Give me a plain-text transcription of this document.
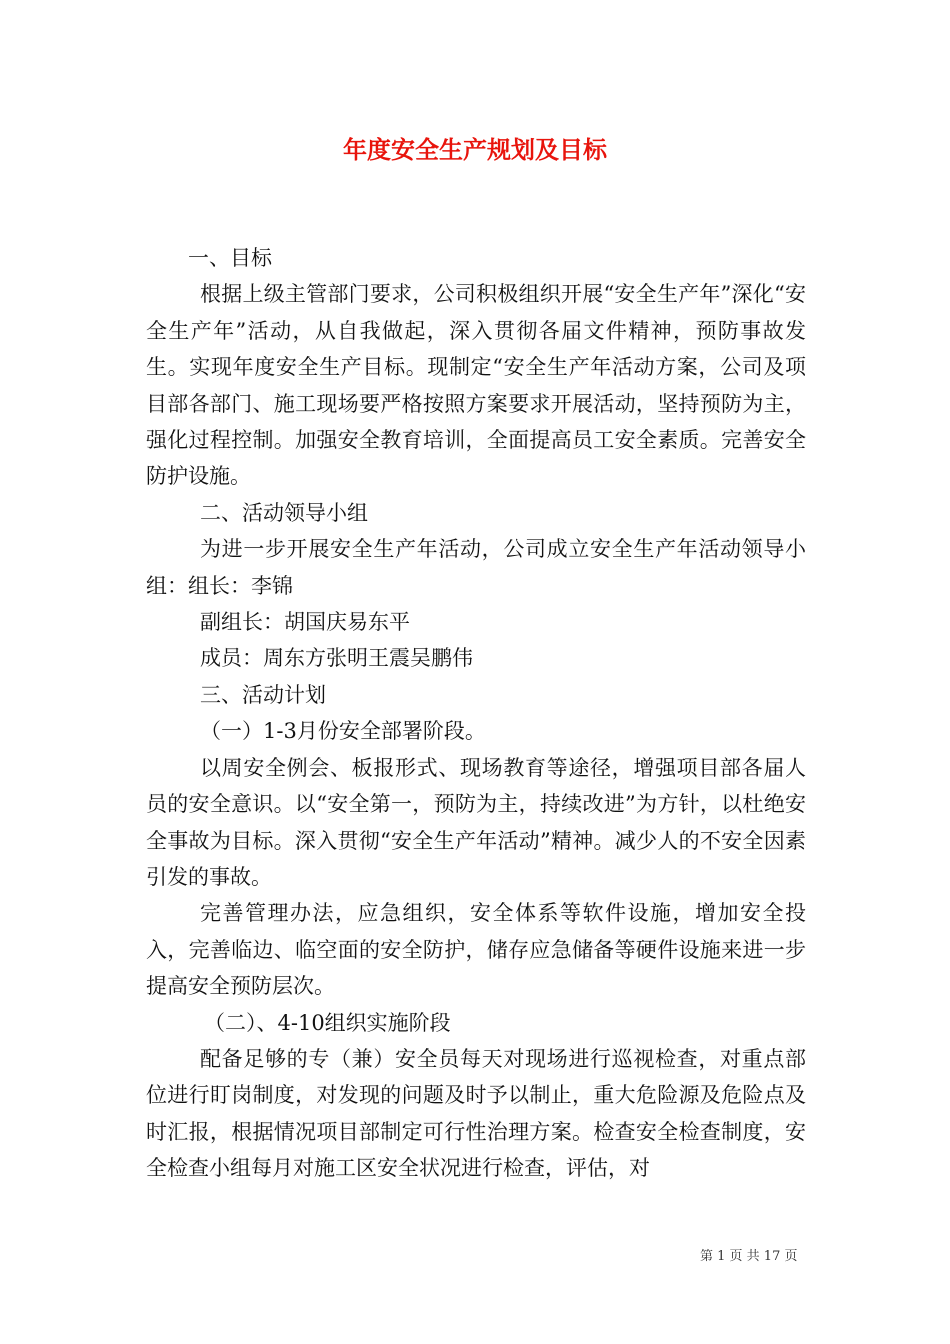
年度安全生产规划及目标

一、目标

根据上级主管部门要求，公司积极组织开展“安全生产年”深化“安全生产年”活动，从自我做起，深入贯彻各届文件精神，预防事故发生。实现年度安全生产目标。现制定“安全生产年活动方案，公司及项目部各部门、施工现场要严格按照方案要求开展活动，坚持预防为主，强化过程控制。加强安全教育培训，全面提高员工安全素质。完善安全防护设施。

二、活动领导小组

为进一步开展安全生产年活动，公司成立安全生产年活动领导小组：组长：李锦

副组长：胡国庆易东平

成员：周东方张明王震吴鹏伟

三、活动计划

（一）1-3月份安全部署阶段。

以周安全例会、板报形式、现场教育等途径，增强项目部各届人员的安全意识。以“安全第一，预防为主，持续改进”为方针，以杜绝安全事故为目标。深入贯彻“安全生产年活动”精神。减少人的不安全因素引发的事故。

完善管理办法，应急组织，安全体系等软件设施，增加安全投入，完善临边、临空面的安全防护，储存应急储备等硬件设施来进一步提高安全预防层次。

（二）、4-10组织实施阶段

配备足够的专（兼）安全员每天对现场进行巡视检查，对重点部位进行盯岗制度，对发现的问题及时予以制止，重大危险源及危险点及时汇报，根据情况项目部制定可行性治理方案。检查安全检查制度，安全检查小组每月对施工区安全状况进行检查，评估，对

第 1 页 共 17 页
